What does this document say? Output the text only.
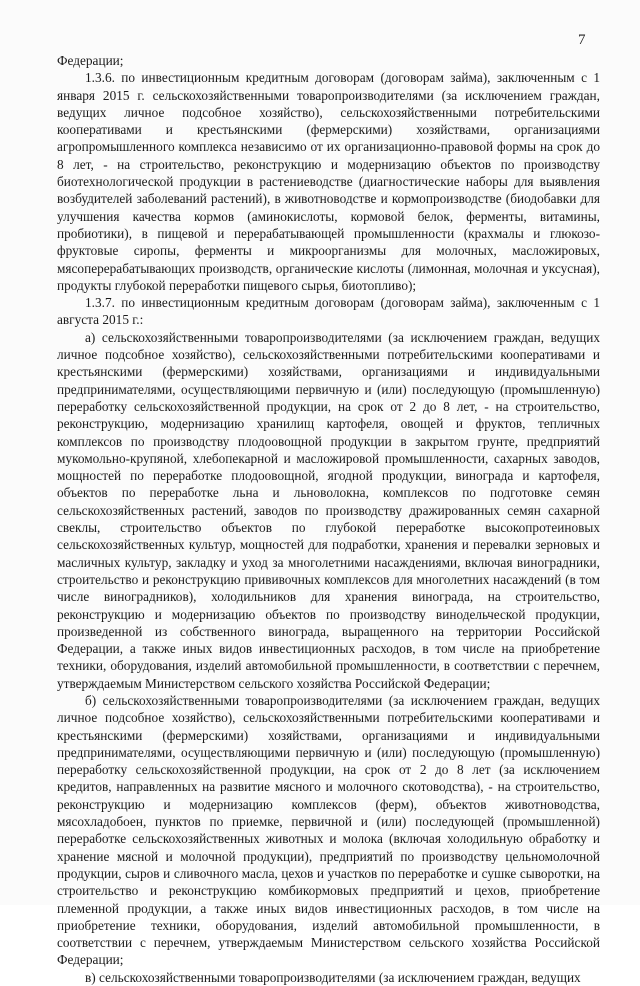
7

Федерации;

1.3.6. по инвестиционным кредитным договорам (договорам займа), заключенным с 1 января 2015 г. сельскохозяйственными товаропроизводителями (за исключением граждан, ведущих личное подсобное хозяйство), сельскохозяйственными потребительскими кооперативами и крестьянскими (фермерскими) хозяйствами, организациями агропромышленного комплекса независимо от их организационно-правовой формы на срок до 8 лет, - на строительство, реконструкцию и модернизацию объектов по производству биотехнологической продукции в растениеводстве (диагностические наборы для выявления возбудителей заболеваний растений), в животноводстве и кормопроизводстве (биодобавки для улучшения качества кормов (аминокислоты, кормовой белок, ферменты, витамины, пробиотики), в пищевой и перерабатывающей промышленности (крахмалы и глюкозо-фруктовые сиропы, ферменты и микроорганизмы для молочных, масложировых, мясоперерабатывающих производств, органические кислоты (лимонная, молочная и уксусная), продукты глубокой переработки пищевого сырья, биотопливо);

1.3.7. по инвестиционным кредитным договорам (договорам займа), заключенным с 1 августа 2015 г.:

а) сельскохозяйственными товаропроизводителями (за исключением граждан, ведущих личное подсобное хозяйство), сельскохозяйственными потребительскими кооперативами и крестьянскими (фермерскими) хозяйствами, организациями и индивидуальными предпринимателями, осуществляющими первичную и (или) последующую (промышленную) переработку сельскохозяйственной продукции, на срок от 2 до 8 лет, - на строительство, реконструкцию, модернизацию хранилищ картофеля, овощей и фруктов, тепличных комплексов по производству плодоовощной продукции в закрытом грунте, предприятий мукомольно-крупяной, хлебопекарной и масложировой промышленности, сахарных заводов, мощностей по переработке плодоовощной, ягодной продукции, винограда и картофеля, объектов по переработке льна и льноволокна, комплексов по подготовке семян сельскохозяйственных растений, заводов по производству дражированных семян сахарной свеклы, строительство объектов по глубокой переработке высокопротеиновых сельскохозяйственных культур, мощностей для подработки, хранения и перевалки зерновых и масличных культур, закладку и уход за многолетними насаждениями, включая виноградники, строительство и реконструкцию прививочных комплексов для многолетних насаждений (в том числе виноградников), холодильников для хранения винограда, на строительство, реконструкцию и модернизацию объектов по производству винодельческой продукции, произведенной из собственного винограда, выращенного на территории Российской Федерации, а также иных видов инвестиционных расходов, в том числе на приобретение техники, оборудования, изделий автомобильной промышленности, в соответствии с перечнем, утверждаемым Министерством сельского хозяйства Российской Федерации;

б) сельскохозяйственными товаропроизводителями (за исключением граждан, ведущих личное подсобное хозяйство), сельскохозяйственными потребительскими кооперативами и крестьянскими (фермерскими) хозяйствами, организациями и индивидуальными предпринимателями, осуществляющими первичную и (или) последующую (промышленную) переработку сельскохозяйственной продукции, на срок от 2 до 8 лет (за исключением кредитов, направленных на развитие мясного и молочного скотоводства), - на строительство, реконструкцию и модернизацию комплексов (ферм), объектов животноводства, мясохладобоен, пунктов по приемке, первичной и (или) последующей (промышленной) переработке сельскохозяйственных животных и молока (включая холодильную обработку и хранение мясной и молочной продукции), предприятий по производству цельномолочной продукции, сыров и сливочного масла, цехов и участков по переработке и сушке сыворотки, на строительство и реконструкцию комбикормовых предприятий и цехов, приобретение племенной продукции, а также иных видов инвестиционных расходов, в том числе на приобретение техники, оборудования, изделий автомобильной промышленности, в соответствии с перечнем, утверждаемым Министерством сельского хозяйства Российской Федерации;

в) сельскохозяйственными товаропроизводителями (за исключением граждан, ведущих
